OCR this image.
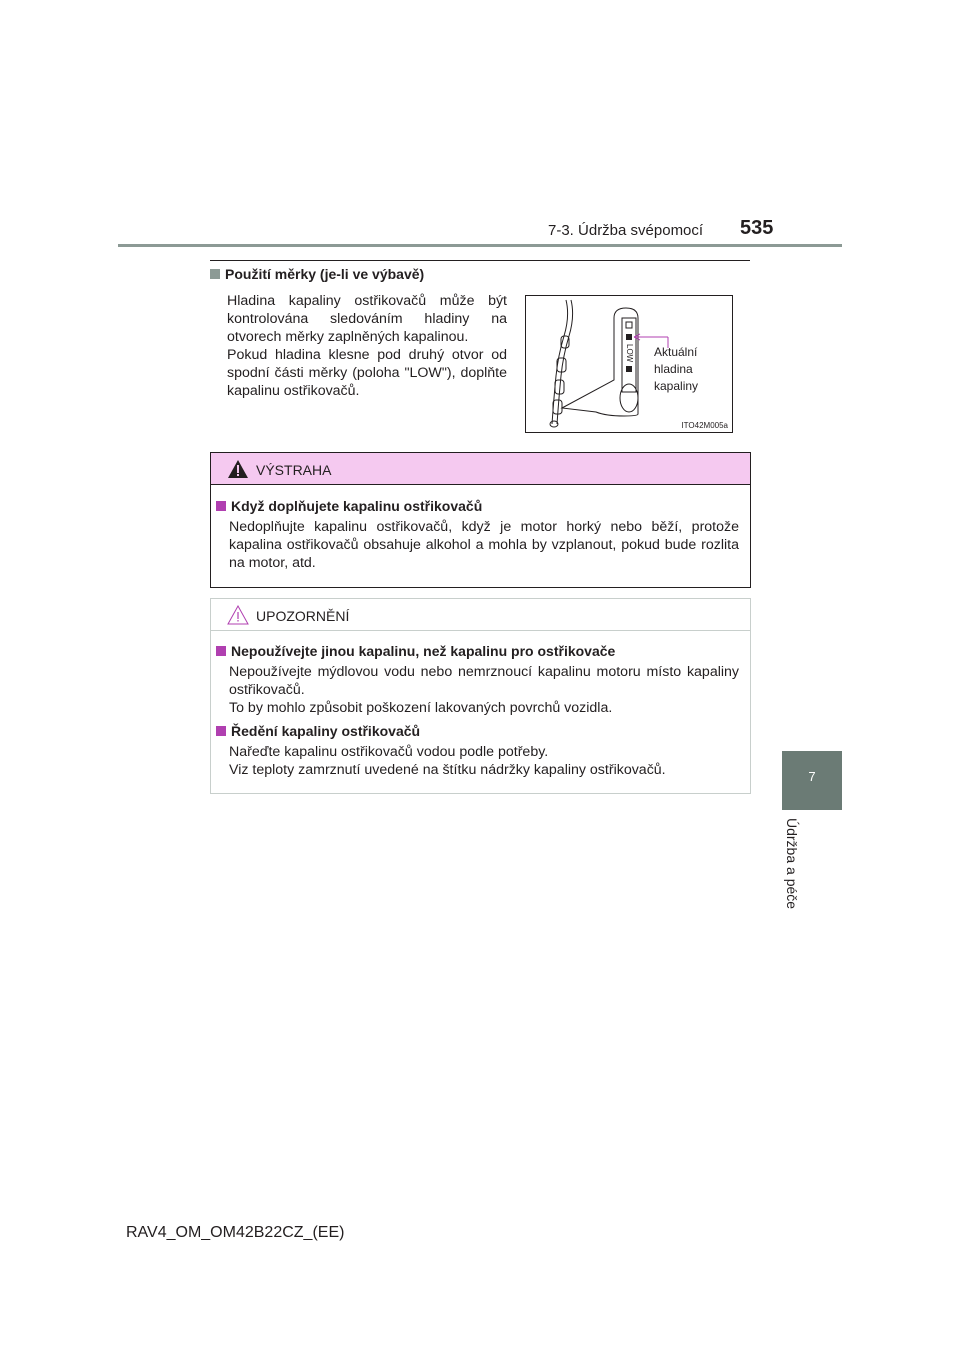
7-3. Údržba svépomocí 535
7
Údržba a péče
Použití měrky (je-li ve výbavě)

Hladina kapaliny ostřikovačů může být kontrolována sledováním hladiny na otvorech měrky zaplněných kapalinou.

Pokud hladina klesne pod druhý otvor od spodní části měrky (poloha "LOW"), doplňte kapalinu ostřikovačů.

LOW Aktuální
hladina
kapaliny
ITO42M005a
VÝSTRAHA
Když doplňujete kapalinu ostřikovačů

Nedoplňujte kapalinu ostřikovačů, když je motor horký nebo běží, protože kapalina ostřikovačů obsahuje alkohol a mohla by vzplanout, pokud bude rozlita na motor, atd.

UPOZORNĚNÍ
Nepoužívejte jinou kapalinu, než kapalinu pro ostřikovače

Nepoužívejte mýdlovou vodu nebo nemrznoucí kapalinu motoru místo kapaliny ostřikovačů.

To by mohlo způsobit poškození lakovaných povrchů vozidla.

Ředění kapaliny ostřikovačů

Nařeďte kapalinu ostřikovačů vodou podle potřeby.

Viz teploty zamrznutí uvedené na štítku nádržky kapaliny ostřikovačů.

RAV4_OM_OM42B22CZ_(EE)
